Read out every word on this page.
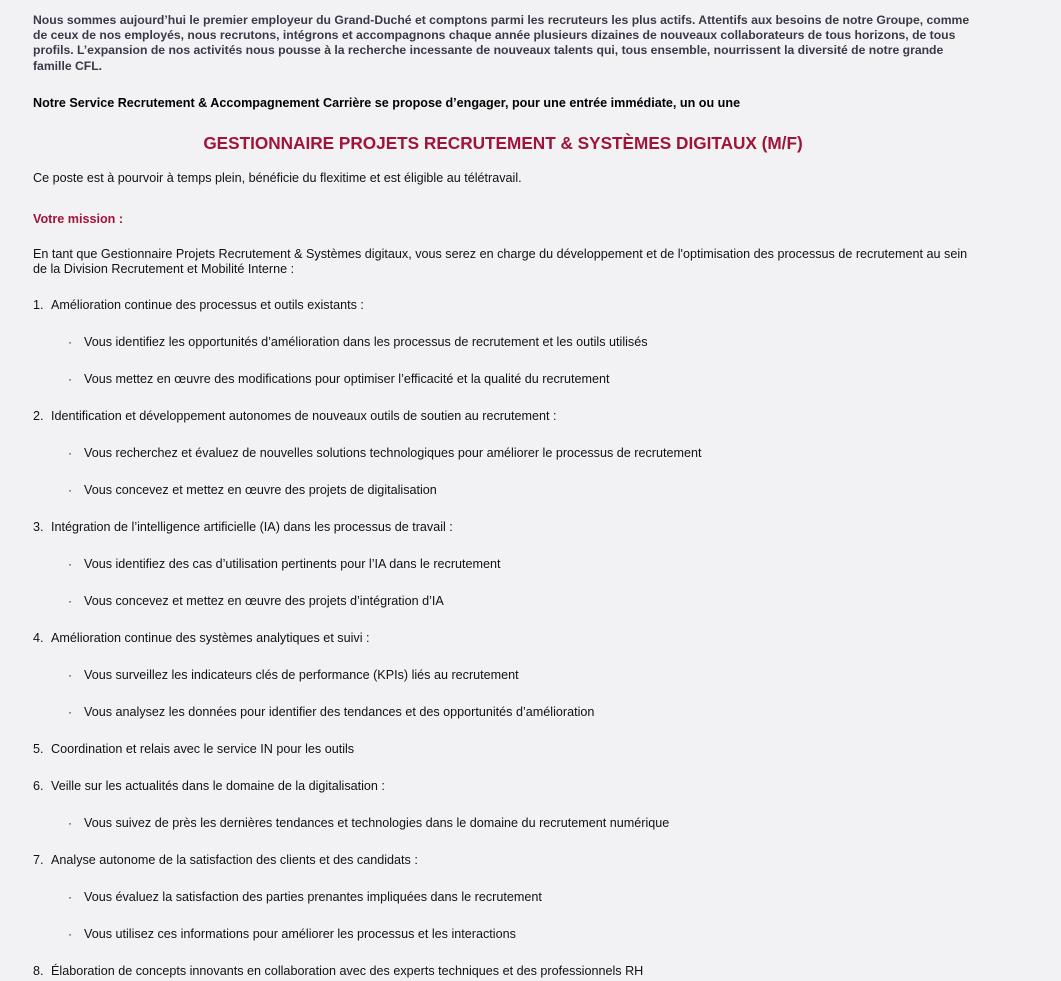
Nous sommes aujourd’hui le premier employeur du Grand-Duché et comptons parmi les recruteurs les plus actifs. Attentifs aux besoins de notre Groupe, comme de ceux de nos employés, nous recrutons, intégrons et accompagnons chaque année plusieurs dizaines de nouveaux collaborateurs de tous horizons, de tous profils. L’expansion de nos activités nous pousse à la recherche incessante de nouveaux talents qui, tous ensemble, nourrissent la diversité de notre grande famille CFL.

Notre Service Recrutement & Accompagnement Carrière se propose d’engager, pour une entrée immédiate, un ou une

GESTIONNAIRE PROJETS RECRUTEMENT & SYSTÈMES DIGITAUX (M/F)

Ce poste est à pourvoir à temps plein, bénéficie du flexitime et est éligible au télétravail.

Votre mission :

En tant que Gestionnaire Projets Recrutement & Systèmes digitaux, vous serez en charge du développement et de l'optimisation des processus de recrutement au sein de la Division Recrutement et Mobilité Interne :

1. Amélioration continue des processus et outils existants :
· Vous identifiez les opportunités d’amélioration dans les processus de recrutement et les outils utilisés
· Vous mettez en œuvre des modifications pour optimiser l’efficacité et la qualité du recrutement
2. Identification et développement autonomes de nouveaux outils de soutien au recrutement :
· Vous recherchez et évaluez de nouvelles solutions technologiques pour améliorer le processus de recrutement
· Vous concevez et mettez en œuvre des projets de digitalisation
3. Intégration de l’intelligence artificielle (IA) dans les processus de travail :
· Vous identifiez des cas d’utilisation pertinents pour l’IA dans le recrutement
· Vous concevez et mettez en œuvre des projets d’intégration d’IA
4. Amélioration continue des systèmes analytiques et suivi :
· Vous surveillez les indicateurs clés de performance (KPIs) liés au recrutement
· Vous analysez les données pour identifier des tendances et des opportunités d’amélioration
5. Coordination et relais avec le service IN pour les outils
6. Veille sur les actualités dans le domaine de la digitalisation :
· Vous suivez de près les dernières tendances et technologies dans le domaine du recrutement numérique
7. Analyse autonome de la satisfaction des clients et des candidats :
· Vous évaluez la satisfaction des parties prenantes impliquées dans le recrutement
· Vous utilisez ces informations pour améliorer les processus et les interactions
8. Élaboration de concepts innovants en collaboration avec des experts techniques et des professionnels RH
